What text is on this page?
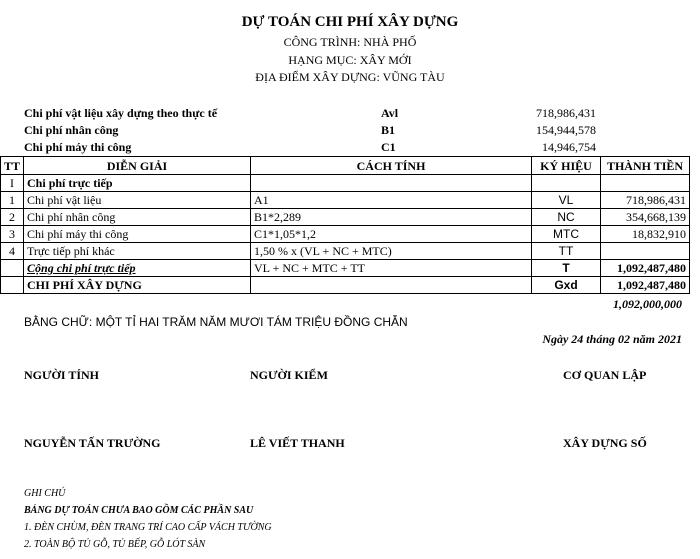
DỰ TOÁN CHI PHÍ XÂY DỰNG
CÔNG TRÌNH: NHÀ PHỐ
HẠNG MỤC: XÂY MỚI
ĐỊA ĐIỂM XÂY DỰNG: VŨNG TÀU
Chi phí vật liệu xây dựng theo thực tế	Avl	718,986,431
Chi phí nhân công	B1	154,944,578
Chi phí máy thi công	C1	14,946,754
TT	DIỄN GIẢI	CÁCH TÍNH	KÝ HIỆU	THÀNH TIỀN
I	Chi phí trực tiếp			
1	Chi phí vật liệu	A1	VL	718,986,431
2	Chi phí nhân công	B1*2,289	NC	354,668,139
3	Chi phí máy thi công	C1*1,05*1,2	MTC	18,832,910
4	Trực tiếp phí khác	1,50 % x (VL + NC + MTC)	TT	
	Cộng chi phí trực tiếp	VL + NC + MTC + TT	T	1,092,487,480
	CHI PHÍ XÂY DỰNG		Gxd	1,092,487,480
1,092,000,000
BẰNG CHỮ: MỘT TỈ HAI TRĂM NĂM MƯƠI TÁM TRIỆU ĐỒNG CHẴN
Ngày 24 tháng 02 năm 2021
NGƯỜI TÍNH	NGƯỜI KIỂM	CƠ QUAN LẬP
NGUYỄN TẤN TRƯỜNG	LÊ VIẾT THANH	XÂY DỰNG SỐ
GHI CHÚ
BẢNG DỰ TOÁN CHƯA BAO GỒM CÁC PHẦN SAU
1. ĐÈN CHÙM, ĐÈN TRANG TRÍ CAO CẤP VÁCH TƯỜNG
2. TOÀN BỘ TỦ GỖ, TỦ BẾP, GỖ LÓT SÀN
